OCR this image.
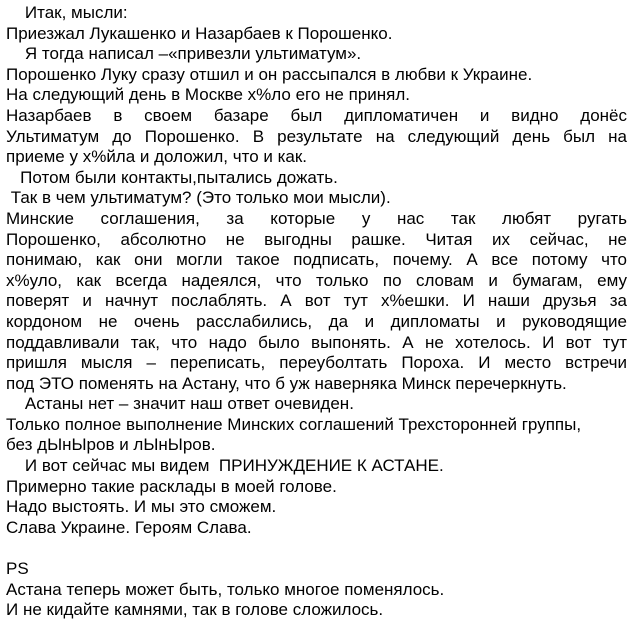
Итак, мысли:
Приезжал Лукашенко и Назарбаев к Порошенко.
Я тогда написал –«привезли ультиматум».
Порошенко Луку сразу отшил и он рассыпался в любви к Украине.
На следующий день в Москве х%ло его не принял.
Назарбаев в своем базаре был дипломатичен и видно донёс
Ультиматум до Порошенко. В результате на следующий день был на
приеме у х%йла и доложил, что и как.
Потом были контакты,пытались дожать.
Так в чем ультиматум? (Это только мои мысли).
Минские соглашения, за которые у нас так любят ругать
Порошенко, абсолютно не выгодны рашке. Читая их сейчас, не
понимаю, как они могли такое подписать, почему. А все потому что
х%уло, как всегда надеялся, что только по словам и бумагам, ему
поверят и начнут послаблять. А вот тут х%ешки. И наши друзья за
кордоном не очень расслабились, да и дипломаты и руководящие
поддавливали так, что надо было выпонять. А не хотелось. И вот тут
пришля мысля – переписать, переуболтать Пороха. И место встречи
под ЭТО поменять на Астану, что б уж наверняка Минск перечеркнуть.
Астаны нет – значит наш ответ очевиден.
Только полное выполнение Минских соглашений Трехсторонней группы,
без дЫнЫров и лЫнЫров.
И вот сейчас мы видем  ПРИНУЖДЕНИЕ К АСТАНЕ.
Примерно такие расклады в моей голове.
Надо выстоять. И мы это сможем.
Слава Украине. Героям Слава.
PS
Астана теперь может быть, только многое поменялось.
И не кидайте камнями, так в голове сложилось.
